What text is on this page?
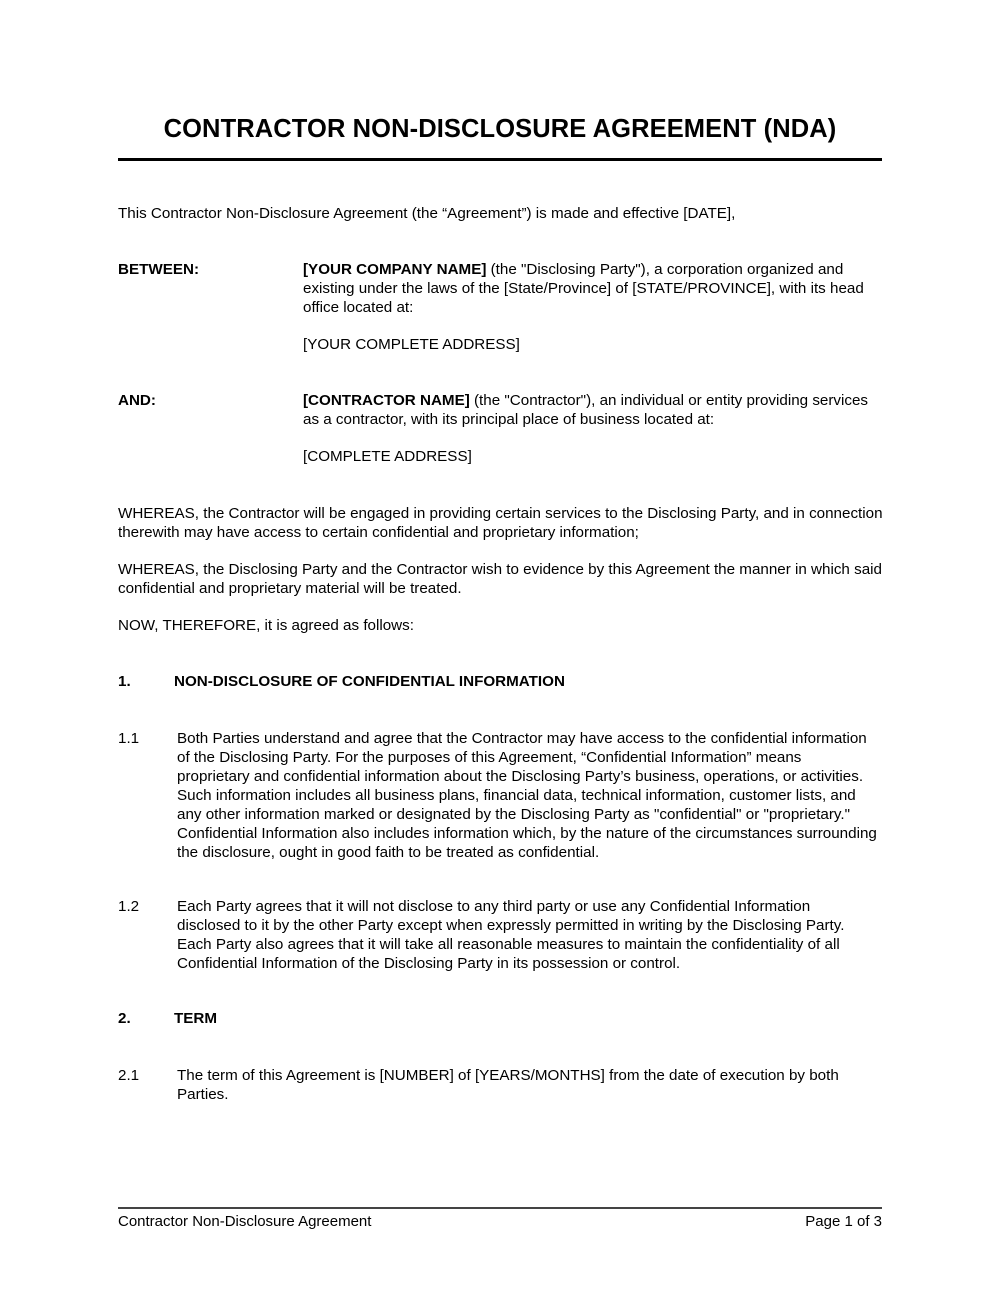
CONTRACTOR NON-DISCLOSURE AGREEMENT (NDA)

This Contractor Non-Disclosure Agreement (the “Agreement”) is made and effective [DATE],

BETWEEN:	[YOUR COMPANY NAME] (the "Disclosing Party"), a corporation organized and existing under the laws of the [State/Province] of [STATE/PROVINCE], with its head office located at:

[YOUR COMPLETE ADDRESS]

AND:	[CONTRACTOR NAME] (the "Contractor"), an individual or entity providing services as a contractor, with its principal place of business located at:

[COMPLETE ADDRESS]

WHEREAS, the Contractor will be engaged in providing certain services to the Disclosing Party, and in connection therewith may have access to certain confidential and proprietary information;

WHEREAS, the Disclosing Party and the Contractor wish to evidence by this Agreement the manner in which said confidential and proprietary material will be treated.

NOW, THEREFORE, it is agreed as follows:

1.	NON-DISCLOSURE OF CONFIDENTIAL INFORMATION
1.1 Both Parties understand and agree that the Contractor may have access to the confidential information of the Disclosing Party. For the purposes of this Agreement, “Confidential Information” means proprietary and confidential information about the Disclosing Party’s business, operations, or activities. Such information includes all business plans, financial data, technical information, customer lists, and any other information marked or designated by the Disclosing Party as "confidential" or "proprietary." Confidential Information also includes information which, by the nature of the circumstances surrounding the disclosure, ought in good faith to be treated as confidential.

1.2 Each Party agrees that it will not disclose to any third party or use any Confidential Information disclosed to it by the other Party except when expressly permitted in writing by the Disclosing Party. Each Party also agrees that it will take all reasonable measures to maintain the confidentiality of all Confidential Information of the Disclosing Party in its possession or control.

2.	TERM
2.1 The term of this Agreement is [NUMBER] of [YEARS/MONTHS] from the date of execution by both Parties.

Contractor Non-Disclosure Agreement	Page 1 of 3
